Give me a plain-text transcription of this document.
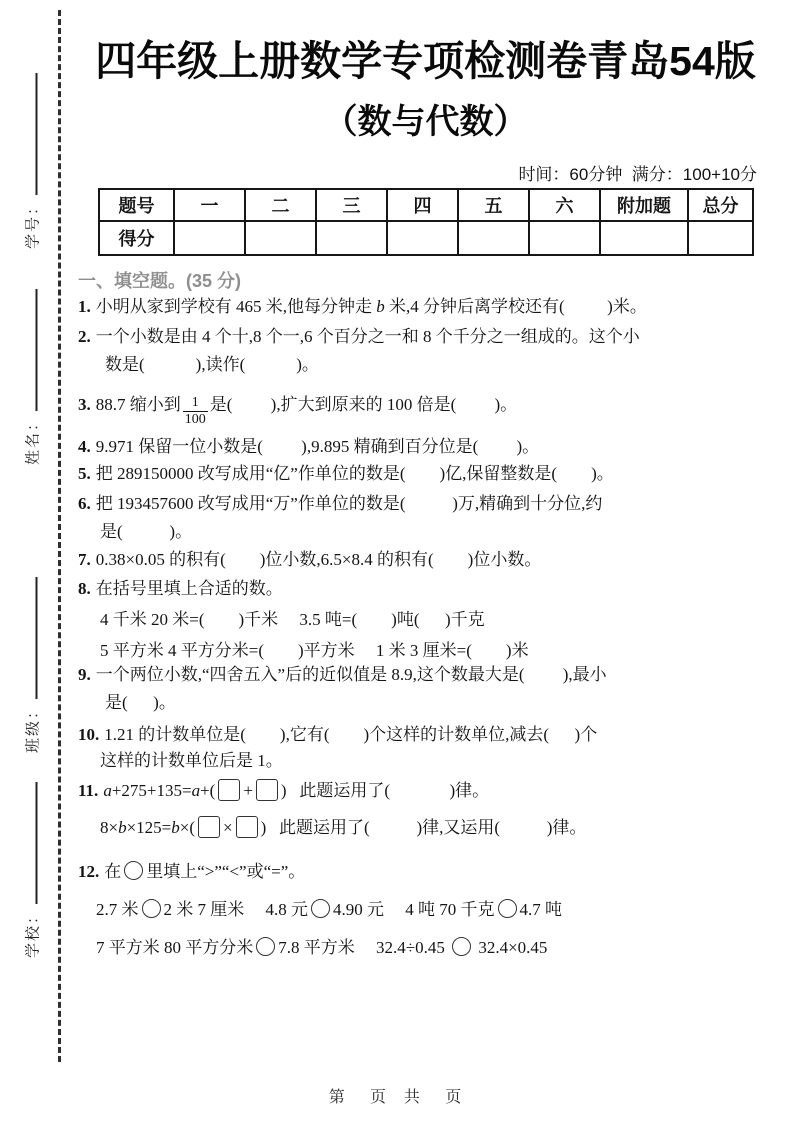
学号：
姓名：
班级：
学校：
四年级上册数学专项检测卷青岛54版
（数与代数）
时间：60分钟  满分：100+10分
题号	一	二	三	四	五	六	附加题	总分
得分								
一、填空题。(35 分)
1. 小明从家到学校有 465 米,他每分钟走 b 米,4 分钟后离学校还有(          )米。
2. 一个小数是由 4 个十,8 个一,6 个百分之一和 8 个千分之一组成的。这个小
数是(            ),读作(            )。
3. 88.7 缩小到 $\frac{1}{100}$ 是(         ),扩大到原来的 100 倍是(         )。
4. 9.971 保留一位小数是(         ),9.895 精确到百分位是(         )。
5. 把 289150000 改写成用“亿”作单位的数是(        )亿,保留整数是(        )。
6. 把 193457600 改写成用“万”作单位的数是(           )万,精确到十分位,约
是(           )。
7. 0.38×0.05 的积有(        )位小数,6.5×8.4 的积有(        )位小数。
8. 在括号里填上合适的数。
4 千米 20 米=(        )千米     3.5 吨=(        )吨(      )千克
5 平方米 4 平方分米=(        )平方米     1 米 3 厘米=(        )米
9. 一个两位小数,“四舍五入”后的近似值是 8.9,这个数最大是(         ),最小
是(      )。
10. 1.21 的计数单位是(        ),它有(        )个这样的计数单位,减去(      )个
这样的计数单位后是 1。
11. a+275+135=a+( + )   此题运用了(              )律。
8×b×125=b×( × )   此题运用了(           )律,又运用(           )律。
12. 在 里填上“>”“<”或“=”。
2.7 米 2 米 7 厘米     4.8 元 4.90 元     4 吨 70 千克 4.7 吨
7 平方米 80 平方分米 7.8 平方米     32.4÷0.45  32.4×0.45
第   页  共   页
